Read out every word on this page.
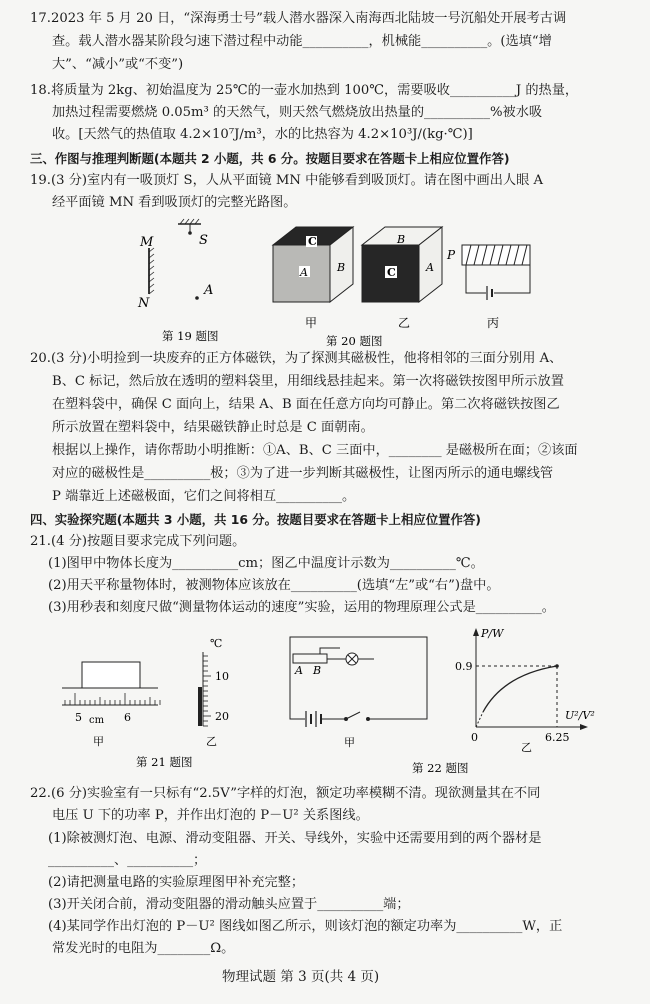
17.2023 年 5 月 20 日，“深海勇士号”载人潜水器深入南海西北陆坡一号沉船处开展考古调
查。载人潜水器某阶段匀速下潜过程中动能__________，机械能__________。(选填“增
大”、“减小”或“不变”)
18.将质量为 2kg、初始温度为 25℃的一壶水加热到 100℃，需要吸收__________J 的热量，
加热过程需要燃烧 0.05m³ 的天然气，则天然气燃烧放出热量的__________%被水吸
收。[天然气的热值取 4.2×10⁷J/m³，水的比热容为 4.2×10³J/(kg·℃)]
三、作图与推理判断题(本题共 2 小题，共 6 分。按题目要求在答题卡上相应位置作答)
19.(3 分)室内有一吸顶灯 S，人从平面镜 MN 中能够看到吸顶灯。请在图中画出人眼 A
经平面镜 MN 看到吸顶灯的完整光路图。
20.(3 分)小明捡到一块废弃的正方体磁铁，为了探测其磁极性，他将相邻的三面分别用 A、
B、C 标记，然后放在透明的塑料袋里，用细线悬挂起来。第一次将磁铁按图甲所示放置
在塑料袋中，确保 C 面向上，结果 A、B 面在任意方向均可静止。第二次将磁铁按图乙
所示放置在塑料袋中，结果磁铁静止时总是 C 面朝南。
根据以上操作，请你帮助小明推断：①A、B、C 三面中，________ 是磁极所在面；②该面
对应的磁极性是__________极；③为了进一步判断其磁极性，让图丙所示的通电螺线管
P 端靠近上述磁极面，它们之间将相互__________。
四、实验探究题(本题共 3 小题，共 16 分。按题目要求在答题卡上相应位置作答)
21.(4 分)按题目要求完成下列问题。
(1)图甲中物体长度为__________cm；图乙中温度计示数为__________℃。
(2)用天平称量物体时，被测物体应该放在__________(选填“左”或“右”)盘中。
(3)用秒表和刻度尺做“测量物体运动的速度”实验，运用的物理原理公式是__________。
22.(6 分)实验室有一只标有“2.5V”字样的灯泡，额定功率模糊不清。现欲测量其在不同
电压 U 下的功率 P，并作出灯泡的 P－U² 关系图线。
(1)除被测灯泡、电源、滑动变阻器、开关、导线外，实验中还需要用到的两个器材是
__________、__________；
(2)请把测量电路的实验原理图甲补充完整；
(3)开关闭合前，滑动变阻器的滑动触头应置于__________端；
(4)某同学作出灯泡的 P－U² 图线如图乙所示，则该灯泡的额定功率为__________W，正
常发光时的电阻为________Ω。
物理试题 第 3 页(共 4 页)
M
N
S
A
第 19 题图
C
A	B
甲
B
C	A
乙
P
丙
第 20 题图
5 cm 6
甲
℃
10
20
乙
第 21 题图
A B
甲
P/W
U²/V²
0.9
6.25
0
乙
第 22 题图
